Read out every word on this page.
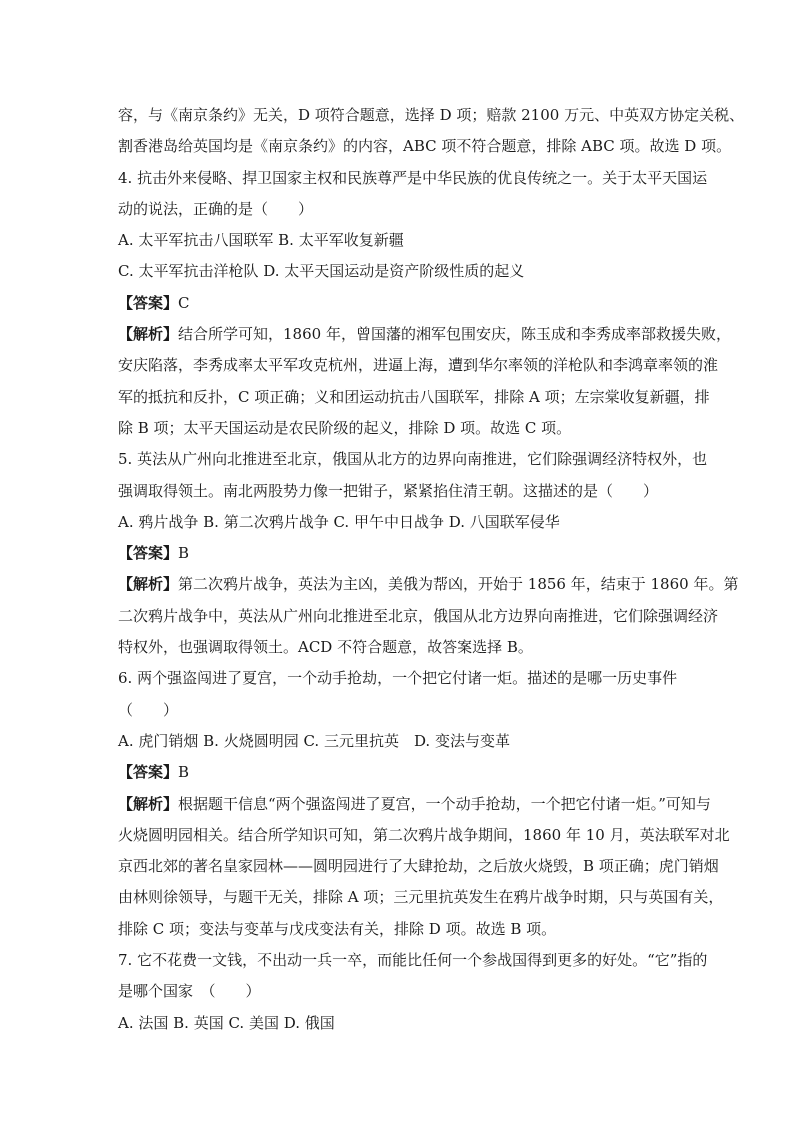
容，与《南京条约》无关，D 项符合题意，选择 D 项；赔款 2100 万元、中英双方协定关税、
割香港岛给英国均是《南京条约》的内容，ABC 项不符合题意，排除 ABC 项。故选 D 项。
4. 抗击外来侵略、捍卫国家主权和民族尊严是中华民族的优良传统之一。关于太平天国运
动的说法，正确的是（　　）
A. 太平军抗击八国联军 B. 太平军收复新疆
C. 太平军抗击洋枪队 D. 太平天国运动是资产阶级性质的起义
【答案】C
【解析】结合所学可知，1860 年，曾国藩的湘军包围安庆，陈玉成和李秀成率部救援失败，
安庆陷落，李秀成率太平军攻克杭州，进逼上海，遭到华尔率领的洋枪队和李鸿章率领的淮
军的抵抗和反扑，C 项正确；义和团运动抗击八国联军，排除 A 项；左宗棠收复新疆，排
除 B 项；太平天国运动是农民阶级的起义，排除 D 项。故选 C 项。
5. 英法从广州向北推进至北京，俄国从北方的边界向南推进，它们除强调经济特权外，也
强调取得领土。南北两股势力像一把钳子，紧紧掐住清王朝。这描述的是（　　）
A. 鸦片战争 B. 第二次鸦片战争 C. 甲午中日战争 D. 八国联军侵华
【答案】B
【解析】第二次鸦片战争，英法为主凶，美俄为帮凶，开始于 1856 年，结束于 1860 年。第
二次鸦片战争中，英法从广州向北推进至北京，俄国从北方边界向南推进，它们除强调经济
特权外，也强调取得领土。ACD 不符合题意，故答案选择 B。
6. 两个强盗闯进了夏宫，一个动手抢劫，一个把它付诸一炬。描述的是哪一历史事件
（　　）
A. 虎门销烟 B. 火烧圆明园 C. 三元里抗英　D. 变法与变革
【答案】B
【解析】根据题干信息“两个强盗闯进了夏宫，一个动手抢劫，一个把它付诸一炬。”可知与
火烧圆明园相关。结合所学知识可知，第二次鸦片战争期间，1860 年 10 月，英法联军对北
京西北郊的著名皇家园林——圆明园进行了大肆抢劫，之后放火烧毁，B 项正确；虎门销烟
由林则徐领导，与题干无关，排除 A 项；三元里抗英发生在鸦片战争时期，只与英国有关，
排除 C 项；变法与变革与戊戌变法有关，排除 D 项。故选 B 项。
7. 它不花费一文钱，不出动一兵一卒，而能比任何一个参战国得到更多的好处。“它”指的
是哪个国家　（　　）
A. 法国 B. 英国 C. 美国 D. 俄国
